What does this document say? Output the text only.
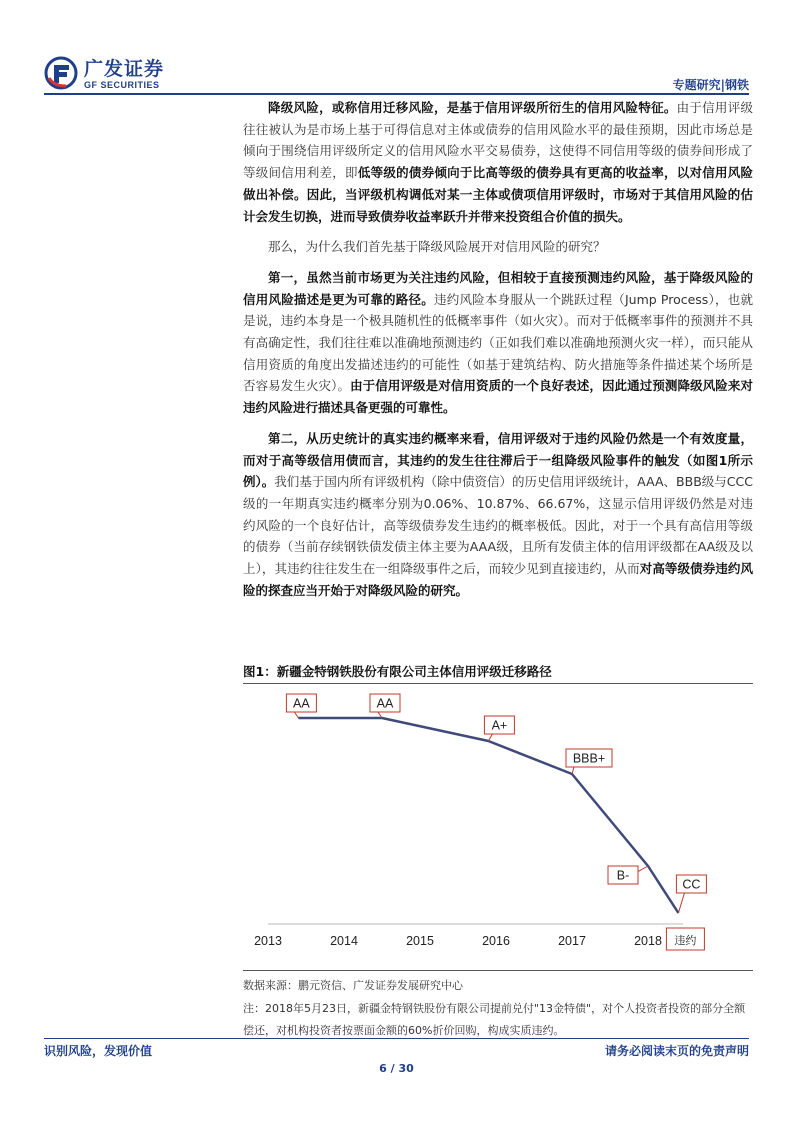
广发证券
GF SECURITIES	专题研究|钢铁

降级风险，或称信用迁移风险，是基于信用评级所衍生的信用风险特征。由于信用评级往往被认为是市场上基于可得信息对主体或债券的信用风险水平的最佳预期，因此市场总是倾向于围绕信用评级所定义的信用风险水平交易债券，这使得不同信用等级的债券间形成了等级间信用利差，即低等级的债券倾向于比高等级的债券具有更高的收益率，以对信用风险做出补偿。因此，当评级机构调低对某一主体或债项信用评级时，市场对于其信用风险的估计会发生切换，进而导致债券收益率跃升并带来投资组合价值的损失。

那么，为什么我们首先基于降级风险展开对信用风险的研究？

第一，虽然当前市场更为关注违约风险，但相较于直接预测违约风险，基于降级风险的信用风险描述是更为可靠的路径。违约风险本身服从一个跳跃过程（Jump Process），也就是说，违约本身是一个极具随机性的低概率事件（如火灾）。而对于低概率事件的预测并不具有高确定性，我们往往难以准确地预测违约（正如我们难以准确地预测火灾一样），而只能从信用资质的角度出发描述违约的可能性（如基于建筑结构、防火措施等条件描述某个场所是否容易发生火灾）。由于信用评级是对信用资质的一个良好表述，因此通过预测降级风险来对违约风险进行描述具备更强的可靠性。

第二，从历史统计的真实违约概率来看，信用评级对于违约风险仍然是一个有效度量，而对于高等级信用债而言，其违约的发生往往滞后于一组降级风险事件的触发（如图1所示例）。我们基于国内所有评级机构（除中债资信）的历史信用评级统计，AAA、BBB级与CCC级的一年期真实违约概率分别为0.06%、10.87%、66.67%，这显示信用评级仍然是对违约风险的一个良好估计，高等级债券发生违约的概率极低。因此，对于一个具有高信用等级的债券（当前存续钢铁债发债主体主要为AAA级，且所有发债主体的信用评级都在AA级及以上），其违约往往发生在一组降级事件之后，而较少见到直接违约，从而对高等级债券违约风险的探查应当开始于对降级风险的研究。

图1：新疆金特钢铁股份有限公司主体信用评级迁移路径
2013	2014	2015	2016	2017	2018
AA	AA
A+
BBB+
B-
CC
违约
数据来源：鹏元资信、广发证券发展研究中心
注：2018年5月23日，新疆金特钢铁股份有限公司提前兑付"13金特债"，对个人投资者投资的部分全额偿还，对机构投资者按票面金额的60%折价回购，构成实质违约。
识别风险，发现价值	请务必阅读末页的免责声明
6 / 30
